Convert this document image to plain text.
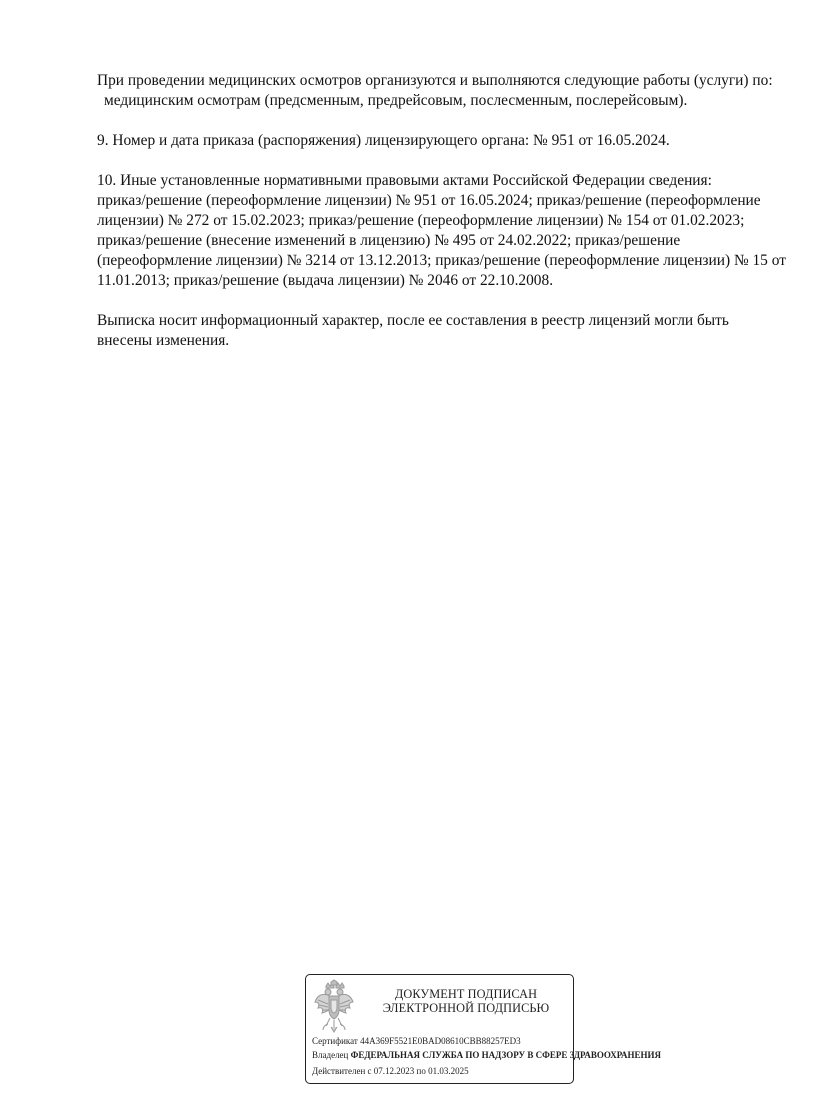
При проведении медицинских осмотров организуются и выполняются следующие работы (услуги) по:

медицинским осмотрам (предсменным, предрейсовым, послесменным, послерейсовым).

9. Номер и дата приказа (распоряжения) лицензирующего органа: № 951 от 16.05.2024.

10. Иные установленные нормативными правовыми актами Российской Федерации сведения:

приказ/решение (переоформление лицензии) № 951 от 16.05.2024; приказ/решение (переоформление лицензии) № 272 от 15.02.2023; приказ/решение (переоформление лицензии) № 154 от 01.02.2023; приказ/решение (внесение изменений в лицензию) № 495 от 24.02.2022; приказ/решение (переоформление лицензии) № 3214 от 13.12.2013; приказ/решение (переоформление лицензии) № 15 от 11.01.2013; приказ/решение (выдача лицензии) № 2046 от 22.10.2008.

Выписка носит информационный характер, после ее составления в реестр лицензий могли быть внесены изменения.

ДОКУМЕНТ ПОДПИСАН
ЭЛЕКТРОННОЙ ПОДПИСЬЮ
Сертификат 44A369F5521E0BAD08610CBB88257ED3
Владелец ФЕДЕРАЛЬНАЯ СЛУЖБА ПО НАДЗОРУ В СФЕРЕ ЗДРАВООХРАНЕНИЯ
Действителен с 07.12.2023 по 01.03.2025
